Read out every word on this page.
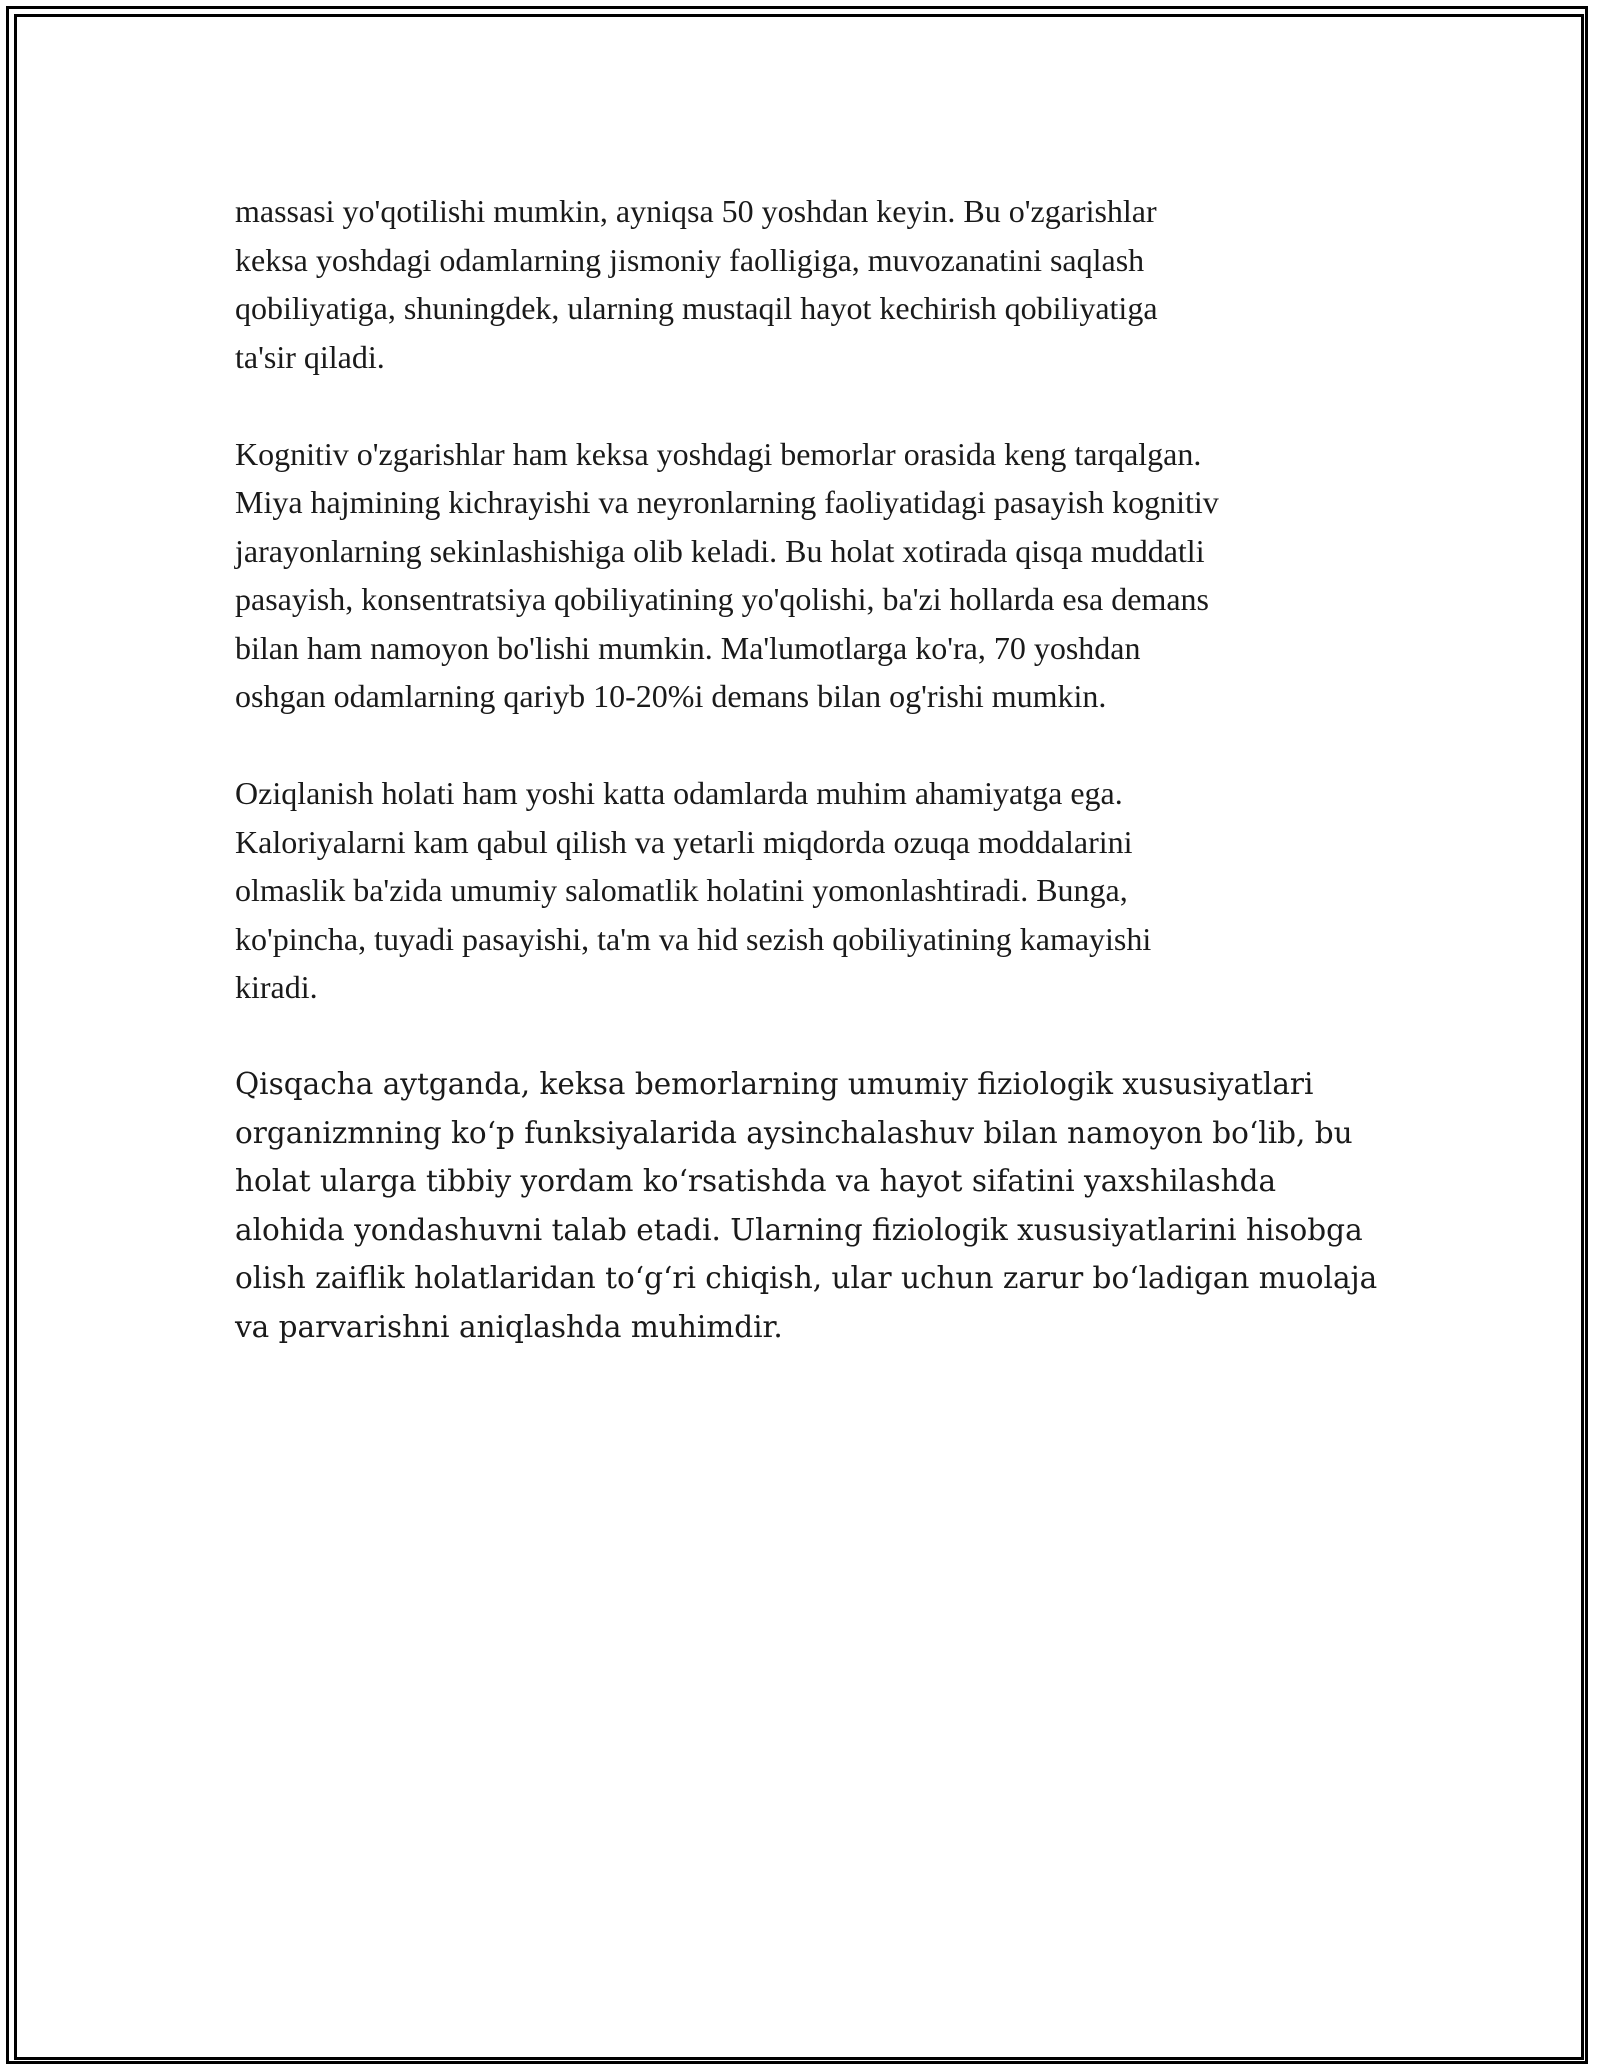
massasi yo'qotilishi mumkin, ayniqsa 50 yoshdan keyin. Bu o'zgarishlar
keksa yoshdagi odamlarning jismoniy faolligiga, muvozanatini saqlash
qobiliyatiga, shuningdek, ularning mustaqil hayot kechirish qobiliyatiga
ta'sir qiladi.

Kognitiv o'zgarishlar ham keksa yoshdagi bemorlar orasida keng tarqalgan.
Miya hajmining kichrayishi va neyronlarning faoliyatidagi pasayish kognitiv
jarayonlarning sekinlashishiga olib keladi. Bu holat xotirada qisqa muddatli
pasayish, konsentratsiya qobiliyatining yo'qolishi, ba'zi hollarda esa demans
bilan ham namoyon bo'lishi mumkin. Ma'lumotlarga ko'ra, 70 yoshdan
oshgan odamlarning qariyb 10-20%i demans bilan og'rishi mumkin.

Oziqlanish holati ham yoshi katta odamlarda muhim ahamiyatga ega.
Kaloriyalarni kam qabul qilish va yetarli miqdorda ozuqa moddalarini
olmaslik ba'zida umumiy salomatlik holatini yomonlashtiradi. Bunga,
ko'pincha, tuyadi pasayishi, ta'm va hid sezish qobiliyatining kamayishi
kiradi.

Qisqacha aytganda, keksa bemorlarning umumiy fiziologik xususiyatlari
organizmning ko‘p funksiyalarida aysinchalashuv bilan namoyon bo‘lib, bu
holat ularga tibbiy yordam ko‘rsatishda va hayot sifatini yaxshilashda
alohida yondashuvni talab etadi. Ularning fiziologik xususiyatlarini hisobga
olish zaiflik holatlaridan to‘g‘ri chiqish, ular uchun zarur bo‘ladigan muolaja
va parvarishni aniqlashda muhimdir.
